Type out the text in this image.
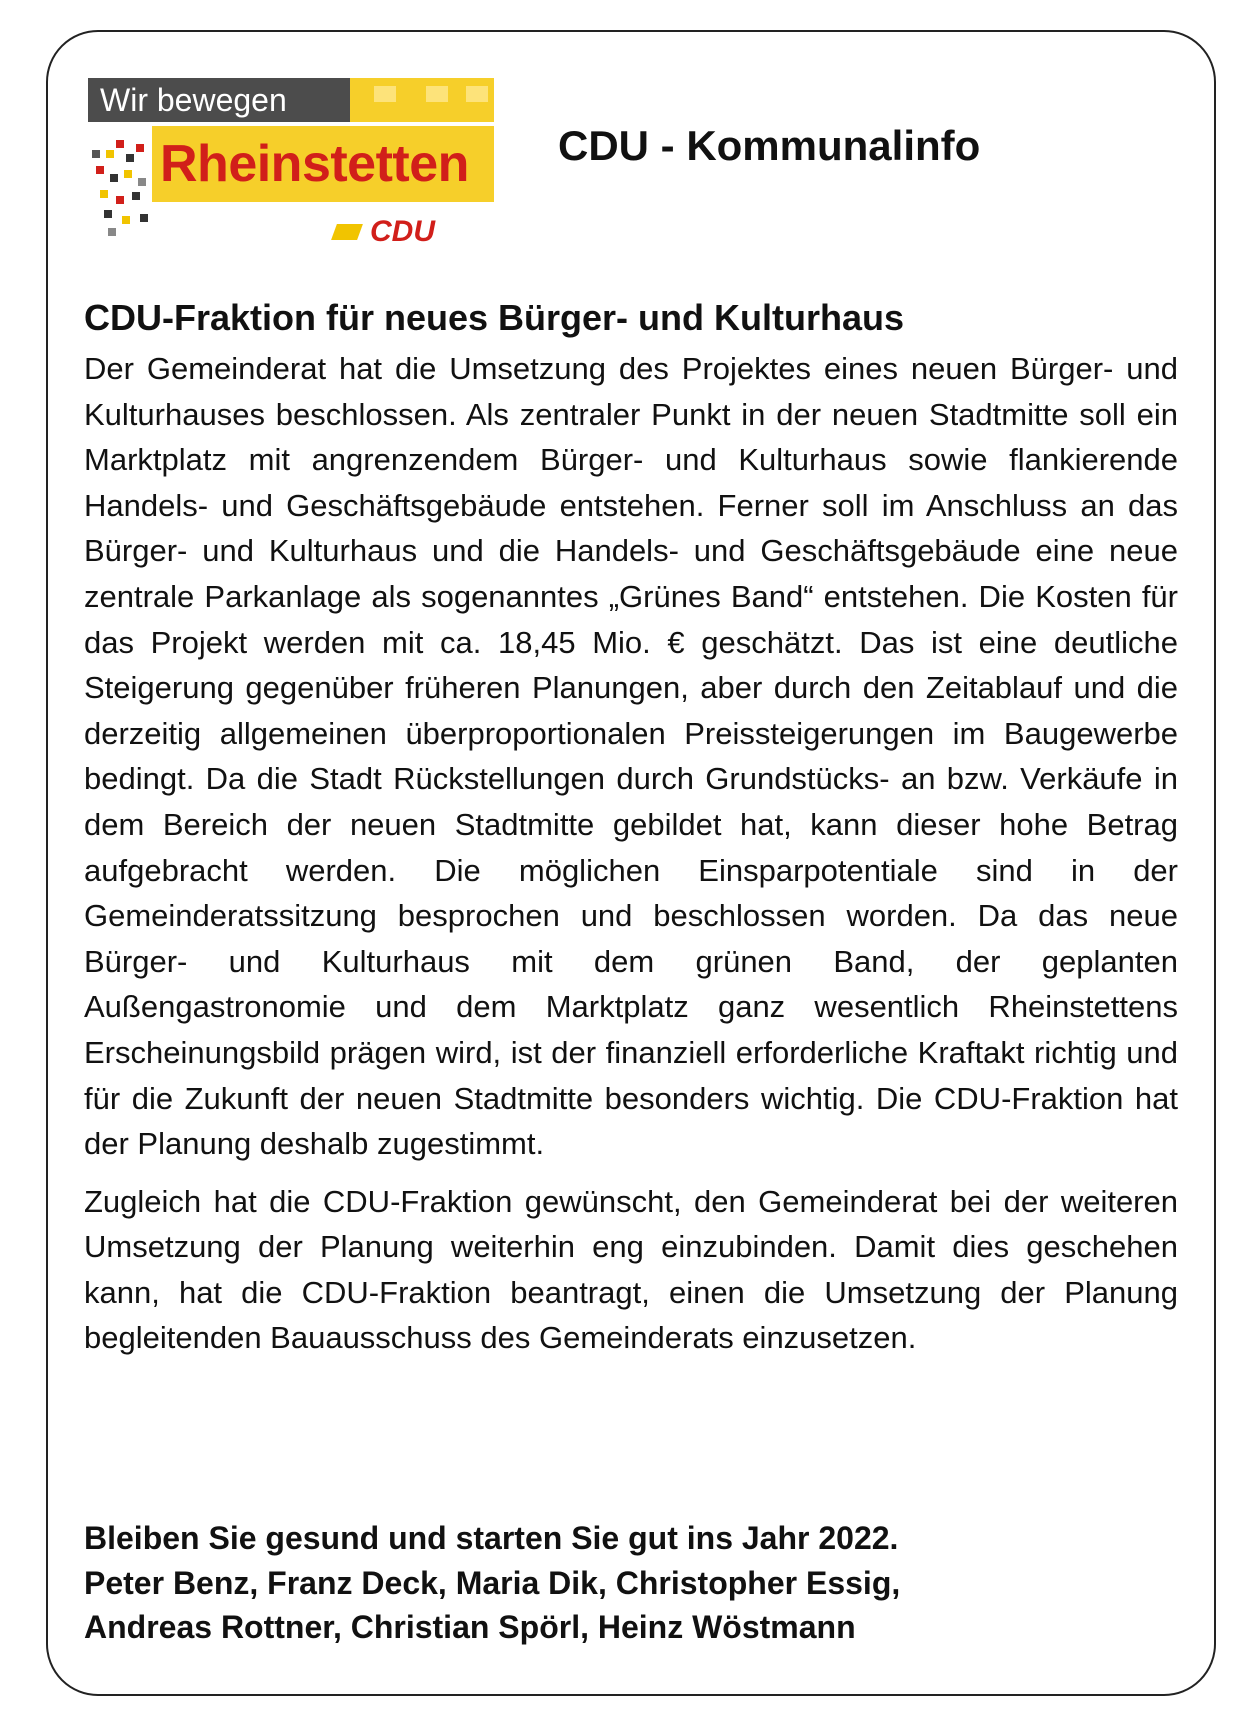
Wir bewegen
Rheinstetten
CDU
CDU - Kommunalinfo
CDU-Fraktion für neues Bürger- und Kulturhaus

Der Gemeinderat hat die Umsetzung des Projektes eines neuen Bürger- und Kulturhauses beschlossen. Als zentraler Punkt in der neuen Stadtmitte soll ein Marktplatz mit angrenzendem Bürger- und Kulturhaus sowie flankierende Handels- und Geschäftsgebäude entstehen. Ferner soll im Anschluss an das Bürger- und Kulturhaus und die Handels- und Geschäftsgebäude eine neue zentrale Parkanlage als sogenanntes „Grünes Band“ entstehen. Die Kosten für das Projekt werden mit ca. 18,45 Mio. € geschätzt. Das ist eine deutliche Steigerung gegenüber früheren Planungen, aber durch den Zeitablauf und die derzeitig allgemeinen überproportionalen Preissteigerungen im Baugewerbe bedingt. Da die Stadt Rückstellungen durch Grundstücks- an bzw. Verkäufe in dem Bereich der neuen Stadtmitte gebildet hat, kann dieser hohe Betrag aufgebracht werden. Die möglichen Einsparpotentiale sind in der Gemeinderatssitzung besprochen und beschlossen worden. Da das neue Bürger- und Kulturhaus mit dem grünen Band, der geplanten Außengastronomie und dem Marktplatz ganz wesentlich Rheinstettens Erscheinungsbild prägen wird, ist der finanziell erforderliche Kraftakt richtig und für die Zukunft der neuen Stadtmitte besonders wichtig. Die CDU-Fraktion hat der Planung deshalb zugestimmt.

Zugleich hat die CDU-Fraktion gewünscht, den Gemeinderat bei der weiteren Umsetzung der Planung weiterhin eng einzubinden. Damit dies geschehen kann, hat die CDU-Fraktion beantragt, einen die Umsetzung der Planung begleitenden Bauausschuss des Gemeinderats einzusetzen.

Bleiben Sie gesund und starten Sie gut ins Jahr 2022.
Peter Benz, Franz Deck, Maria Dik, Christopher Essig,
Andreas Rottner, Christian Spörl, Heinz Wöstmann
